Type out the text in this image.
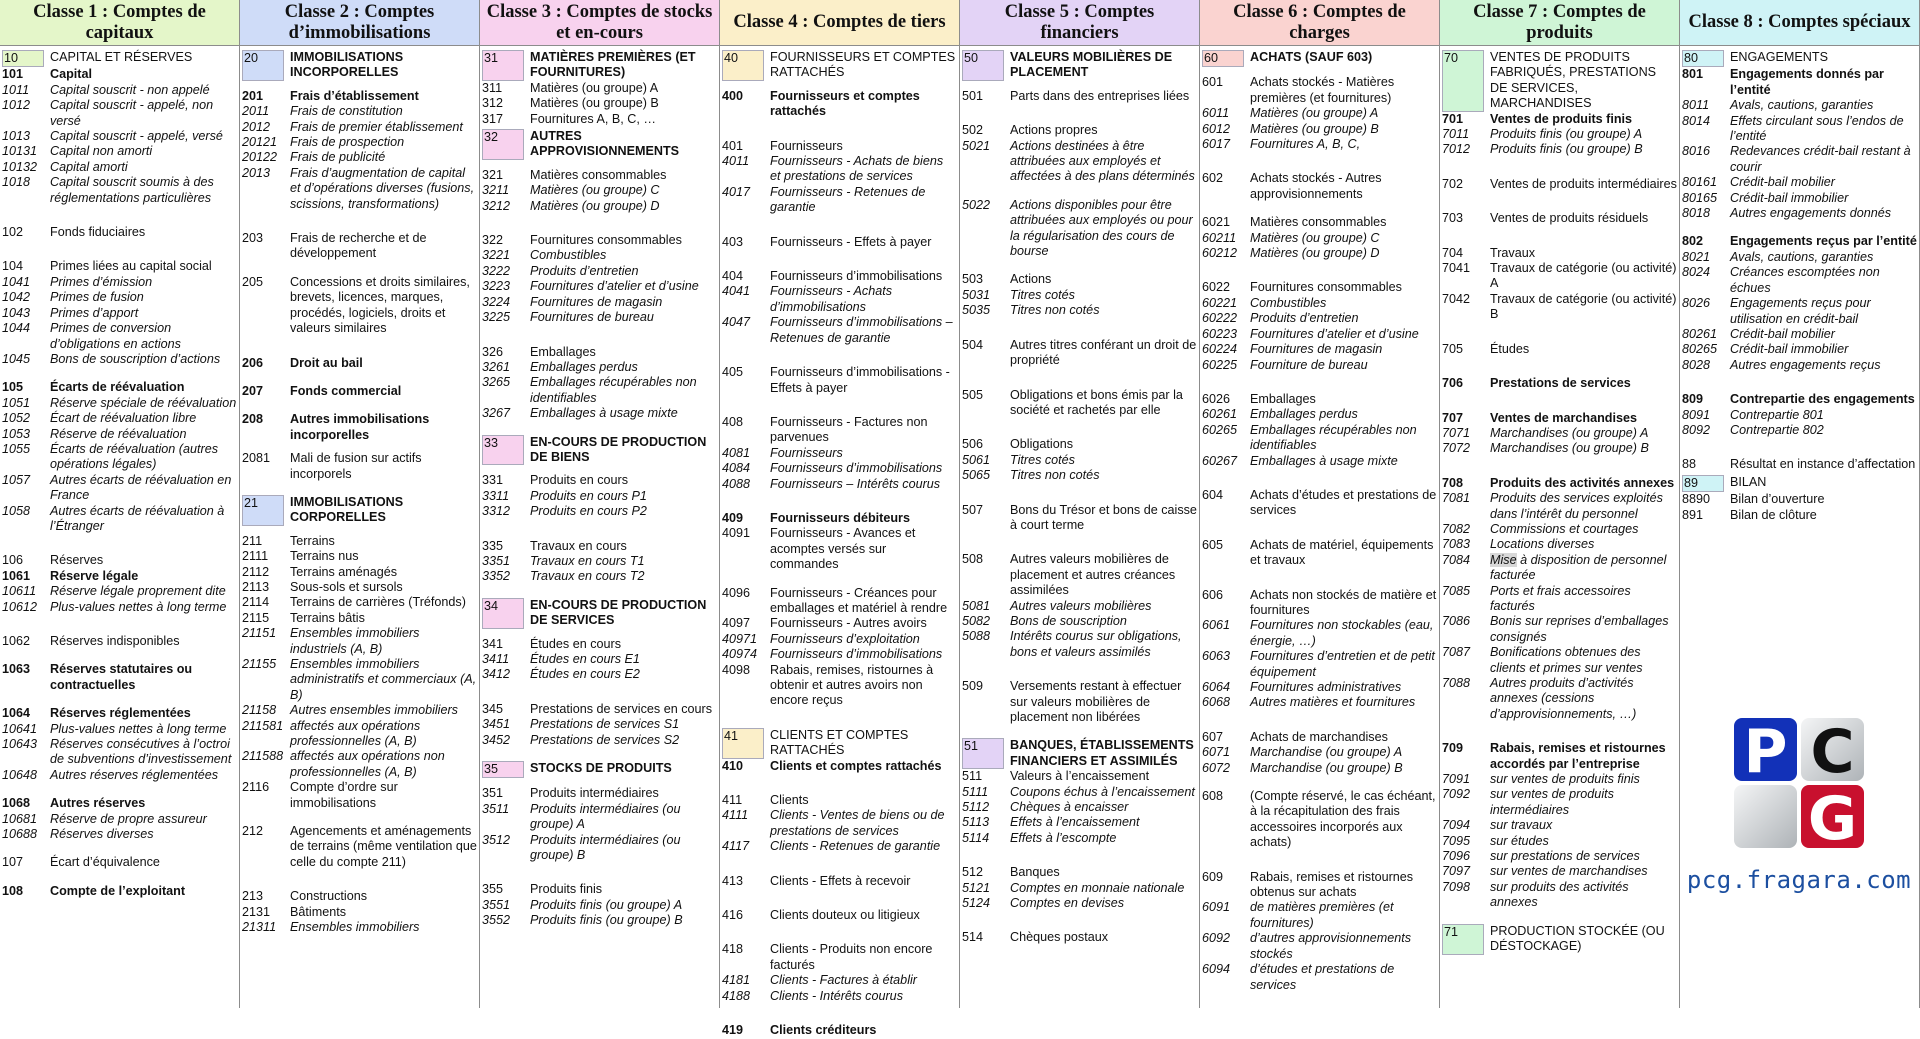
Classe 1 : Comptes de capitaux
10	CAPITAL ET RÉSERVES
101	Capital
1011	Capital souscrit - non appelé
1012	Capital souscrit - appelé, non versé
1013	Capital souscrit - appelé, versé
10131	Capital non amorti
10132	Capital amorti
1018	Capital souscrit soumis à des réglementations particulières
102	Fonds fiduciaires
104	Primes liées au capital social
1041	Primes d’émission
1042	Primes de fusion
1043	Primes d’apport
1044	Primes de conversion d’obligations en actions
1045	Bons de souscription d’actions
105	Écarts de réévaluation
1051	Réserve spéciale de réévaluation
1052	Écart de réévaluation libre
1053	Réserve de réévaluation
1055	Écarts de réévaluation (autres opérations légales)
1057	Autres écarts de réévaluation en France
1058	Autres écarts de réévaluation à l’Étranger
106	Réserves
1061	Réserve légale
10611	Réserve légale proprement dite
10612	Plus-values nettes à long terme
1062	Réserves indisponibles
1063	Réserves statutaires ou contractuelles
1064	Réserves réglementées
10641	Plus-values nettes à long terme
10643	Réserves consécutives à l’octroi de subventions d’investissement
10648	Autres réserves réglementées
1068	Autres réserves
10681	Réserve de propre assureur
10688	Réserves diverses
107	Écart d’équivalence
108	Compte de l’exploitant
Classe 2 : Comptes d’immobilisations
20	IMMOBILISATIONS INCORPORELLES
201	Frais d’établissement
2011	Frais de constitution
2012	Frais de premier établissement
20121	Frais de prospection
20122	Frais de publicité
2013	Frais d’augmentation de capital et d’opérations diverses (fusions, scissions, transformations)
203	Frais de recherche et de développement
205	Concessions et droits similaires, brevets, licences, marques, procédés, logiciels, droits et valeurs similaires
206	Droit au bail
207	Fonds commercial
208	Autres immobilisations incorporelles
2081	Mali de fusion sur actifs incorporels
21	IMMOBILISATIONS CORPORELLES
211	Terrains
2111	Terrains nus
2112	Terrains aménagés
2113	Sous-sols et sursols
2114	Terrains de carrières (Tréfonds)
2115	Terrains bâtis
21151	Ensembles immobiliers industriels (A, B)
21155	Ensembles immobiliers administratifs et commerciaux (A, B)
21158	Autres ensembles immobiliers
211581 affectés aux opérations professionnelles (A, B)
211588 affectés aux opérations non professionnelles (A, B)
2116	Compte d’ordre sur immobilisations
212	Agencements et aménagements de terrains (même ventilation que celle du compte 211)
213	Constructions
2131	Bâtiments
21311	Ensembles immobiliers
Classe 3 : Comptes de stocks et en-cours
31	MATIÈRES PREMIÈRES (ET FOURNITURES)
311	Matières (ou groupe) A
312	Matières (ou groupe) B
317	Fournitures A, B, C, …
32	AUTRES APPROVISIONNEMENTS
321	Matières consommables
3211	Matières (ou groupe) C
3212	Matières (ou groupe) D
322	Fournitures consommables
3221	Combustibles
3222	Produits d’entretien
3223	Fournitures d’atelier et d’usine
3224	Fournitures de magasin
3225	Fournitures de bureau
326	Emballages
3261	Emballages perdus
3265	Emballages récupérables non identifiables
3267	Emballages à usage mixte
33	EN-COURS DE PRODUCTION DE BIENS
331	Produits en cours
3311	Produits en cours P1
3312	Produits en cours P2
335	Travaux en cours
3351	Travaux en cours T1
3352	Travaux en cours T2
34	EN-COURS DE PRODUCTION DE SERVICES
341	Études en cours
3411	Études en cours E1
3412	Études en cours E2
345	Prestations de services en cours
3451	Prestations de services S1
3452	Prestations de services S2
35	STOCKS DE PRODUITS
351	Produits intermédiaires
3511	Produits intermédiaires (ou groupe) A
3512	Produits intermédiaires (ou groupe) B
355	Produits finis
3551	Produits finis (ou groupe) A
3552	Produits finis (ou groupe) B
Classe 4 : Comptes de tiers
40	FOURNISSEURS ET COMPTES RATTACHÉS
400	Fournisseurs et comptes rattachés
401	Fournisseurs
4011	Fournisseurs - Achats de biens et prestations de services
4017	Fournisseurs - Retenues de garantie
403	Fournisseurs - Effets à payer
404	Fournisseurs d’immobilisations
4041	Fournisseurs - Achats d’immobilisations
4047	Fournisseurs d’immobilisations – Retenues de garantie
405	Fournisseurs d’immobilisations - Effets à payer
408	Fournisseurs - Factures non parvenues
4081	Fournisseurs
4084	Fournisseurs d’immobilisations
4088	Fournisseurs – Intérêts courus
409	Fournisseurs débiteurs
4091	Fournisseurs - Avances et acomptes versés sur commandes
4096	Fournisseurs - Créances pour emballages et matériel à rendre
4097	Fournisseurs - Autres avoirs
40971	Fournisseurs d’exploitation
40974	Fournisseurs d’immobilisations
4098	Rabais, remises, ristournes à obtenir et autres avoirs non encore reçus
41	CLIENTS ET COMPTES RATTACHÉS
410	Clients et comptes rattachés
411	Clients
4111	Clients - Ventes de biens ou de prestations de services
4117	Clients - Retenues de garantie
413	Clients - Effets à recevoir
416	Clients douteux ou litigieux
418	Clients - Produits non encore facturés
4181	Clients - Factures à établir
4188	Clients - Intérêts courus
419	Clients créditeurs
Classe 5 : Comptes financiers
50	VALEURS MOBILIÈRES DE PLACEMENT
501	Parts dans des entreprises liées
502	Actions propres
5021	Actions destinées à être attribuées aux employés et affectées à des plans déterminés
5022	Actions disponibles pour être attribuées aux employés ou pour la régularisation des cours de bourse
503	Actions
5031	Titres cotés
5035	Titres non cotés
504	Autres titres conférant un droit de propriété
505	Obligations et bons émis par la société et rachetés par elle
506	Obligations
5061	Titres cotés
5065	Titres non cotés
507	Bons du Trésor et bons de caisse à court terme
508	Autres valeurs mobilières de placement et autres créances assimilées
5081	Autres valeurs mobilières
5082	Bons de souscription
5088	Intérêts courus sur obligations, bons et valeurs assimilés
509	Versements restant à effectuer sur valeurs mobilières de placement non libérées
51	BANQUES, ÉTABLISSEMENTS FINANCIERS ET ASSIMILÉS
511	Valeurs à l’encaissement
5111	Coupons échus à l’encaissement
5112	Chèques à encaisser
5113	Effets à l’encaissement
5114	Effets à l’escompte
512	Banques
5121	Comptes en monnaie nationale
5124	Comptes en devises
514	Chèques postaux
Classe 6 : Comptes de charges
60	ACHATS (SAUF 603)
601	Achats stockés - Matières premières (et fournitures)
6011	Matières (ou groupe) A
6012	Matières (ou groupe) B
6017	Fournitures A, B, C,
602	Achats stockés - Autres approvisionnements
6021	Matières consommables
60211	Matières (ou groupe) C
60212	Matières (ou groupe) D
6022	Fournitures consommables
60221	Combustibles
60222	Produits d’entretien
60223	Fournitures d’atelier et d’usine
60224	Fournitures de magasin
60225	Fourniture de bureau
6026	Emballages
60261	Emballages perdus
60265	Emballages récupérables non identifiables
60267	Emballages à usage mixte
604	Achats d’études et prestations de services
605	Achats de matériel, équipements et travaux
606	Achats non stockés de matière et fournitures
6061	Fournitures non stockables (eau, énergie, …)
6063	Fournitures d’entretien et de petit équipement
6064	Fournitures administratives
6068	Autres matières et fournitures
607	Achats de marchandises
6071	Marchandise (ou groupe) A
6072	Marchandise (ou groupe) B
608	(Compte réservé, le cas échéant, à la récapitulation des frais accessoires incorporés aux achats)
609	Rabais, remises et ristournes obtenus sur achats
6091	de matières premières (et fournitures)
6092	d’autres approvisionnements stockés
6094	d’études et prestations de services
Classe 7 : Comptes de produits
70	VENTES DE PRODUITS FABRIQUÉS, PRESTATIONS DE SERVICES, MARCHANDISES
701	Ventes de produits finis
7011	Produits finis (ou groupe) A
7012	Produits finis (ou groupe) B
702	Ventes de produits intermédiaires
703	Ventes de produits résiduels
704	Travaux
7041	Travaux de catégorie (ou activité) A
7042	Travaux de catégorie (ou activité) B
705	Études
706	Prestations de services
707	Ventes de marchandises
7071	Marchandises (ou groupe) A
7072	Marchandises (ou groupe) B
708	Produits des activités annexes
7081	Produits des services exploités dans l’intérêt du personnel
7082	Commissions et courtages
7083	Locations diverses
7084	Mise à disposition de personnel facturée
7085	Ports et frais accessoires facturés
7086	Bonis sur reprises d’emballages consignés
7087	Bonifications obtenues des clients et primes sur ventes
7088	Autres produits d’activités annexes (cessions d’approvisionnements, …)
709	Rabais, remises et ristournes accordés par l’entreprise
7091	sur ventes de produits finis
7092	sur ventes de produits intermédiaires
7094	sur travaux
7095	sur études
7096	sur prestations de services
7097	sur ventes de marchandises
7098	sur produits des activités annexes
71	PRODUCTION STOCKÉE (OU DÉSTOCKAGE)
Classe 8 : Comptes spéciaux
80	ENGAGEMENTS
801	Engagements donnés par l’entité
8011	Avals, cautions, garanties
8014	Effets circulant sous l’endos de l’entité
8016	Redevances crédit-bail restant à courir
80161	Crédit-bail mobilier
80165	Crédit-bail immobilier
8018	Autres engagements donnés
802	Engagements reçus par l’entité
8021	Avals, cautions, garanties
8024	Créances escomptées non échues
8026	Engagements reçus pour utilisation en crédit-bail
80261	Crédit-bail mobilier
80265	Crédit-bail immobilier
8028	Autres engagements reçus
809	Contrepartie des engagements
8091	Contrepartie 801
8092	Contrepartie 802
88	Résultat en instance d’affectation
89	BILAN
8890	Bilan d’ouverture
891	Bilan de clôture
P C
G
pcg.fragara.com
